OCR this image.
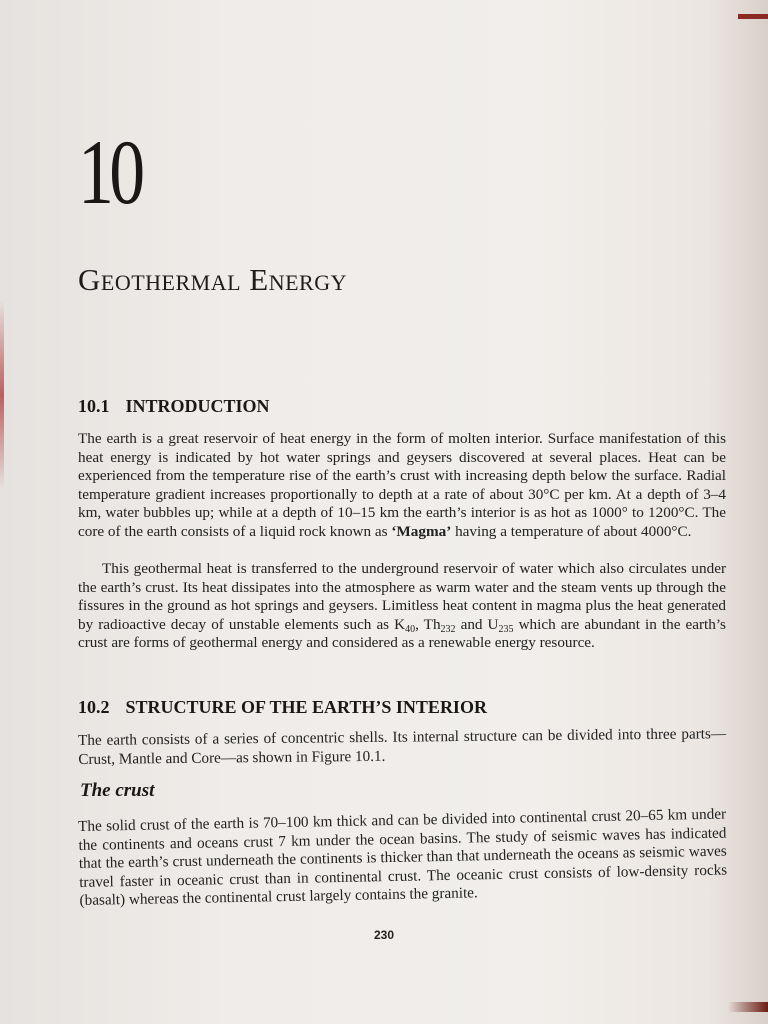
10
Geothermal Energy
10.1 INTRODUCTION
The earth is a great reservoir of heat energy in the form of molten interior. Surface manifestation of this heat energy is indicated by hot water springs and geysers discovered at several places. Heat can be experienced from the temperature rise of the earth’s crust with increasing depth below the surface. Radial temperature gradient increases proportionally to depth at a rate of about 30°C per km. At a depth of 3–4 km, water bubbles up; while at a depth of 10–15 km the earth’s interior is as hot as 1000° to 1200°C. The core of the earth consists of a liquid rock known as ‘Magma’ having a temperature of about 4000°C.
This geothermal heat is transferred to the underground reservoir of water which also circulates under the earth’s crust. Its heat dissipates into the atmosphere as warm water and the steam vents up through the fissures in the ground as hot springs and geysers. Limitless heat content in magma plus the heat generated by radioactive decay of unstable elements such as $K_{40}$, $Th_{232}$ and $U_{235}$ which are abundant in the earth’s crust are forms of geothermal energy and considered as a renewable energy resource.
10.2 STRUCTURE OF THE EARTH’S INTERIOR
The earth consists of a series of concentric shells. Its internal structure can be divided into three parts—Crust, Mantle and Core—as shown in Figure 10.1.
The crust
The solid crust of the earth is 70–100 km thick and can be divided into continental crust 20–65 km under the continents and oceans crust 7 km under the ocean basins. The study of seismic waves has indicated that the earth’s crust underneath the continents is thicker than that underneath the oceans as seismic waves travel faster in oceanic crust than in continental crust. The oceanic crust consists of low-density rocks (basalt) whereas the continental crust largely contains the granite.
230
